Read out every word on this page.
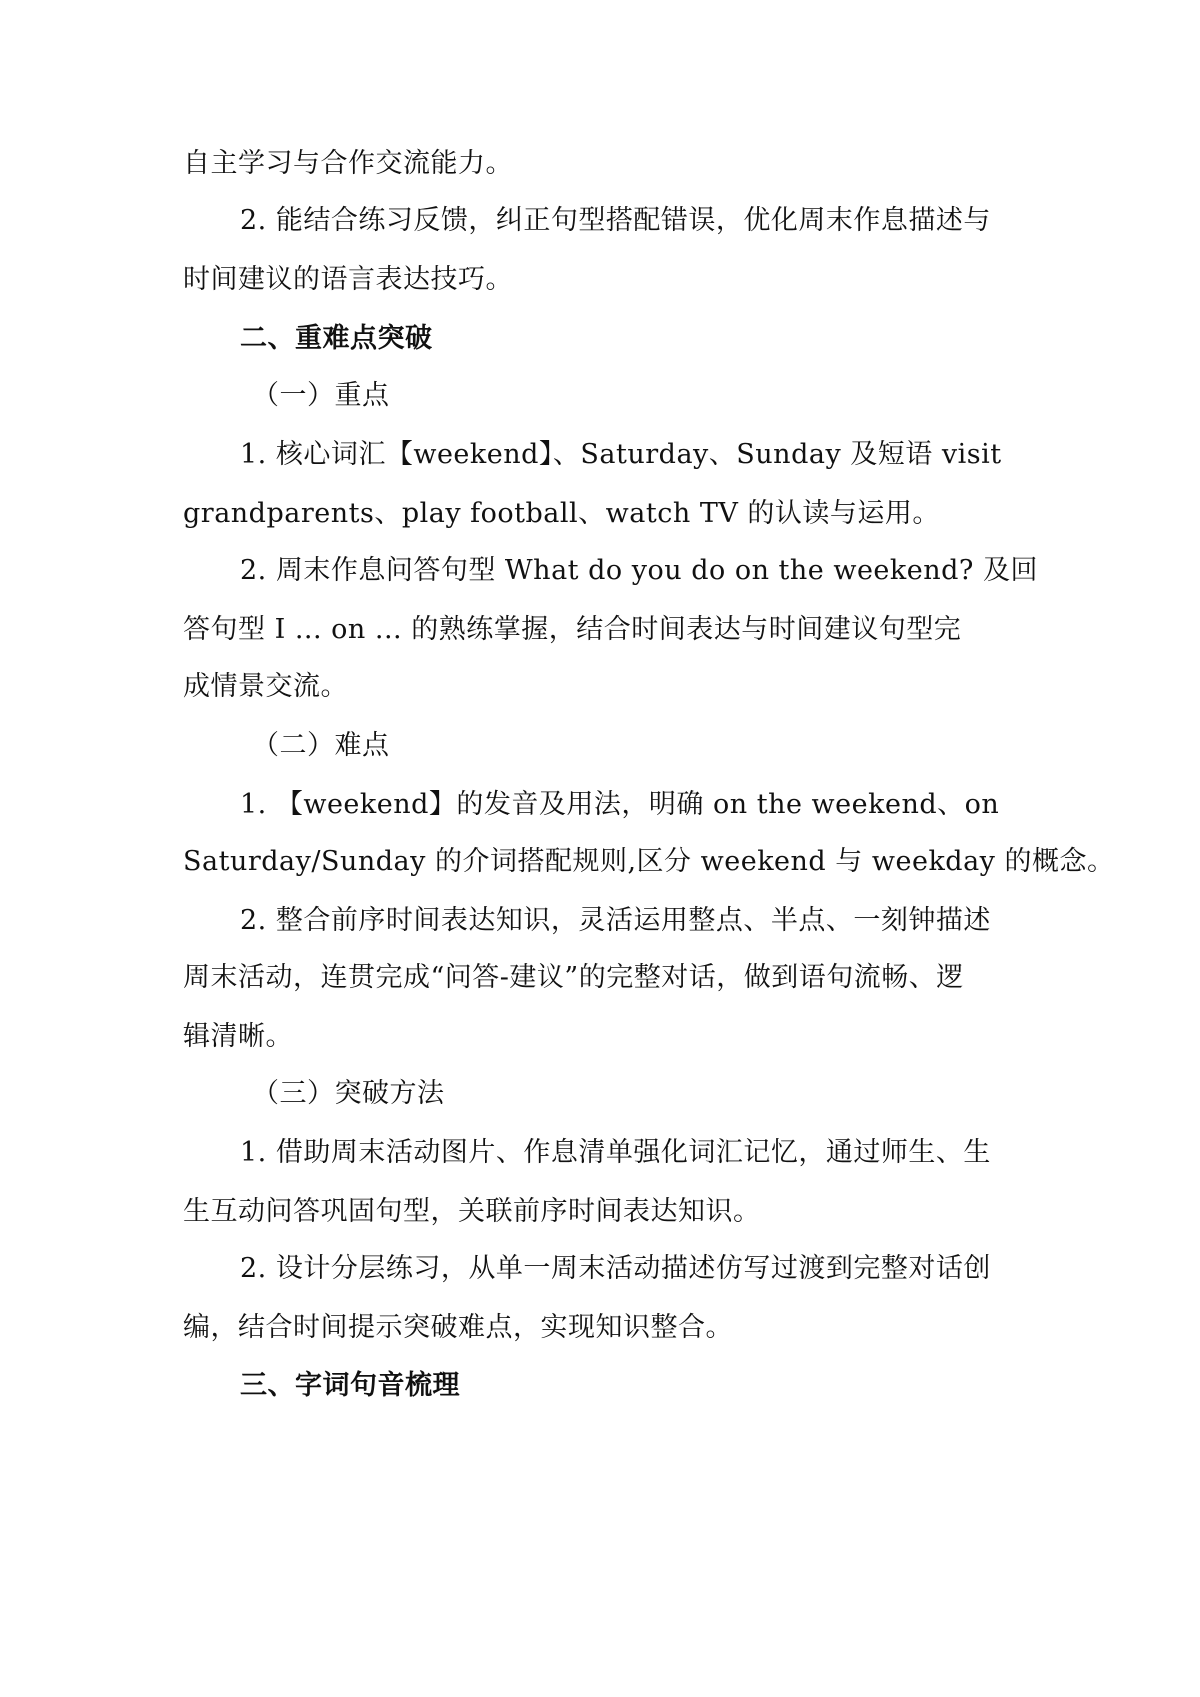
自主学习与合作交流能力。
2. 能结合练习反馈，纠正句型搭配错误，优化周末作息描述与
时间建议的语言表达技巧。
二、重难点突破
（一）重点
1. 核心词汇【weekend】、Saturday、Sunday 及短语 visit
grandparents、play football、watch TV 的认读与运用。
2. 周末作息问答句型 What do you do on the weekend? 及回
答句型 I ... on ... 的熟练掌握，结合时间表达与时间建议句型完
成情景交流。
（二）难点
1. 【weekend】的发音及用法，明确 on the weekend、on
Saturday/Sunday 的介词搭配规则,区分 weekend 与 weekday 的概念。
2. 整合前序时间表达知识，灵活运用整点、半点、一刻钟描述
周末活动，连贯完成“问答-建议”的完整对话，做到语句流畅、逻
辑清晰。
（三）突破方法
1. 借助周末活动图片、作息清单强化词汇记忆，通过师生、生
生互动问答巩固句型，关联前序时间表达知识。
2. 设计分层练习，从单一周末活动描述仿写过渡到完整对话创
编，结合时间提示突破难点，实现知识整合。
三、字词句音梳理
